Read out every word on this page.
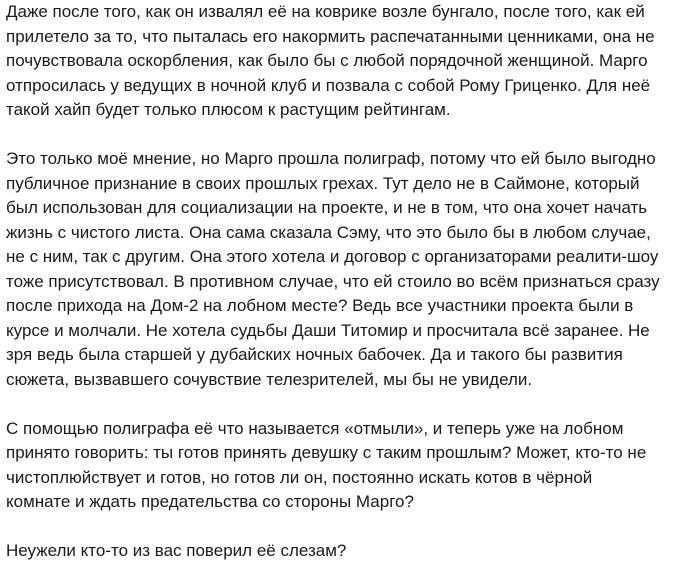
Даже после того, как он извалял её на коврике возле бунгало, после того, как ей
прилетело за то, что пыталась его накормить распечатанными ценниками, она не
почувствовала оскорбления, как было бы с любой порядочной женщиной. Марго
отпросилась у ведущих в ночной клуб и позвала с собой Рому Гриценко. Для неё
такой хайп будет только плюсом к растущим рейтингам.

Это только моё мнение, но Марго прошла полиграф, потому что ей было выгодно
публичное признание в своих прошлых грехах. Тут дело не в Саймоне, который
был использован для социализации на проекте, и не в том, что она хочет начать
жизнь с чистого листа. Она сама сказала Сэму, что это было бы в любом случае,
не с ним, так с другим. Она этого хотела и договор с организаторами реалити-шоу
тоже присутствовал. В противном случае, что ей стоило во всём признаться сразу
после прихода на Дом-2 на лобном месте? Ведь все участники проекта были в
курсе и молчали. Не хотела судьбы Даши Титомир и просчитала всё заранее. Не
зря ведь была старшей у дубайских ночных бабочек. Да и такого бы развития
сюжета, вызвавшего сочувствие телезрителей, мы бы не увидели.

С помощью полиграфа её что называется «отмыли», и теперь уже на лобном
принято говорить: ты готов принять девушку с таким прошлым? Может, кто-то не
чистоплюйствует и готов, но готов ли он, постоянно искать котов в чёрной
комнате и ждать предательства со стороны Марго?

Неужели кто-то из вас поверил её слезам?
